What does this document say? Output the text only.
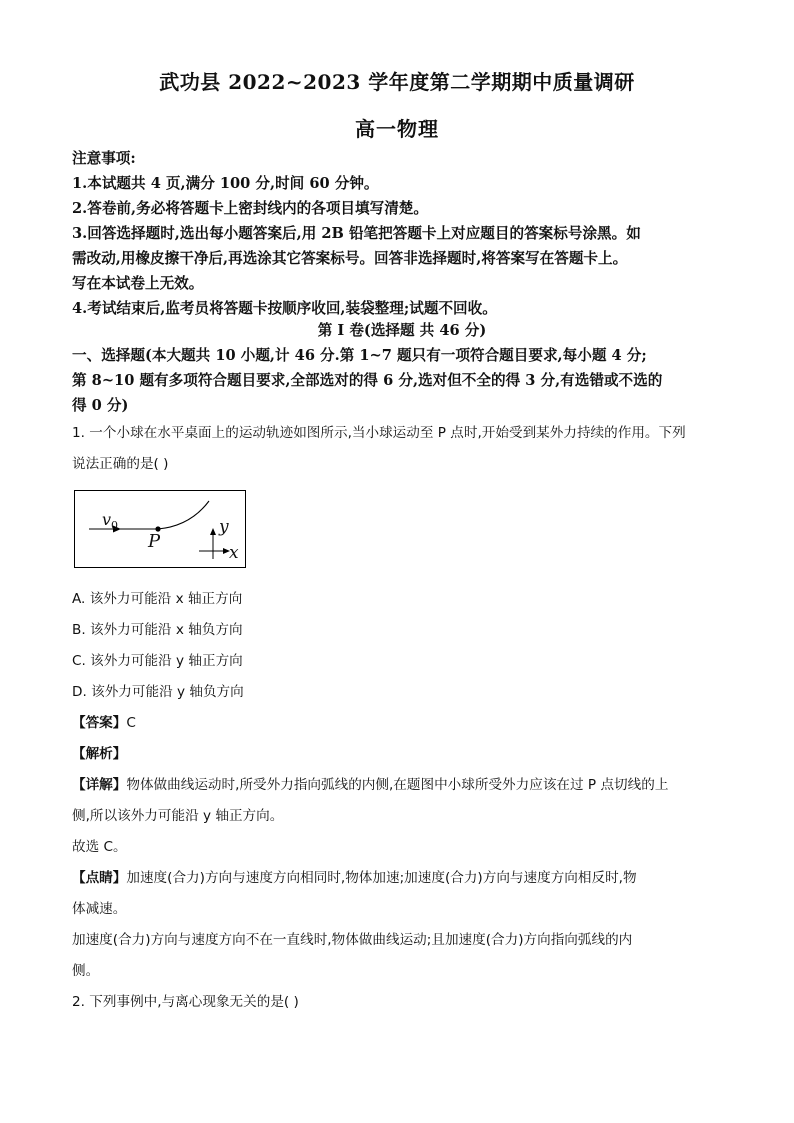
武功县 2022~2023 学年度第二学期期中质量调研
高一物理
注意事项:
1.本试题共 4 页,满分 100 分,时间 60 分钟。
2.答卷前,务必将答题卡上密封线内的各项目填写清楚。
3.回答选择题时,选出每小题答案后,用 2B 铅笔把答题卡上对应题目的答案标号涂黑。如
需改动,用橡皮擦干净后,再选涂其它答案标号。回答非选择题时,将答案写在答题卡上。
写在本试卷上无效。
4.考试结束后,监考员将答题卡按顺序收回,装袋整理;试题不回收。
第 I 卷(选择题 共 46 分)
一、选择题(本大题共 10 小题,计 46 分.第 1~7 题只有一项符合题目要求,每小题 4 分;
第 8~10 题有多项符合题目要求,全部选对的得 6 分,选对但不全的得 3 分,有选错或不选的
得 0 分)
1. 一个小球在水平桌面上的运动轨迹如图所示,当小球运动至 P 点时,开始受到某外力持续的作用。下列
说法正确的是( )
$v_0$
P
y
x
A. 该外力可能沿 x 轴正方向
B. 该外力可能沿 x 轴负方向
C. 该外力可能沿 y 轴正方向
D. 该外力可能沿 y 轴负方向
【答案】C
【解析】
【详解】物体做曲线运动时,所受外力指向弧线的内侧,在题图中小球所受外力应该在过 P 点切线的上
侧,所以该外力可能沿 y 轴正方向。
故选 C。
【点睛】加速度(合力)方向与速度方向相同时,物体加速;加速度(合力)方向与速度方向相反时,物
体减速。
加速度(合力)方向与速度方向不在一直线时,物体做曲线运动;且加速度(合力)方向指向弧线的内
侧。
2. 下列事例中,与离心现象无关的是( )
